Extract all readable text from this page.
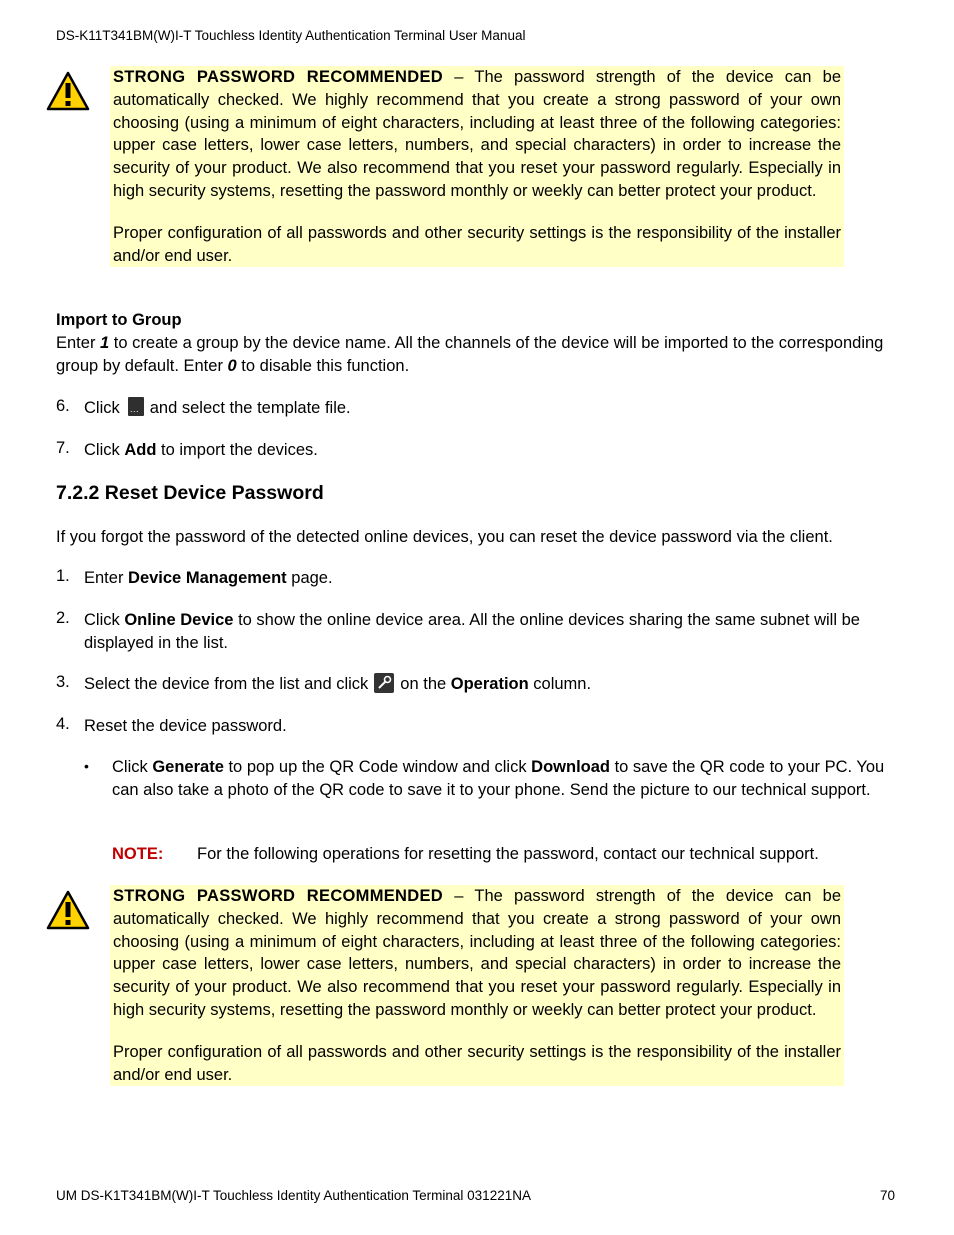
DS-K11T341BM(W)I-T Touchless Identity Authentication Terminal User Manual

STRONG PASSWORD RECOMMENDED – The password strength of the device can be automatically checked. We highly recommend that you create a strong password of your own choosing (using a minimum of eight characters, including at least three of the following categories: upper case letters, lower case letters, numbers, and special characters) in order to increase the security of your product. We also recommend that you reset your password regularly. Especially in high security systems, resetting the password monthly or weekly can better protect your product.

Proper configuration of all passwords and other security settings is the responsibility of the installer and/or end user.

Import to Group
Enter 1 to create a group by the device name. All the channels of the device will be imported to the corresponding group by default. Enter 0 to disable this function.
6. Click··· and select the template file.
7. Click Add to import the devices.
7.2.2 Reset Device Password
If you forgot the password of the detected online devices, you can reset the device password via the client.
1. Enter Device Management page.
2. Click Online Device to show the online device area. All the online devices sharing the same subnet will be displayed in the list.
3. Select the device from the list and click on the Operation column.
4. Reset the device password.
• Click Generate to pop up the QR Code window and click Download to save the QR code to your PC. You can also take a photo of the QR code to save it to your phone. Send the picture to our technical support.
NOTE: For the following operations for resetting the password, contact our technical support.

STRONG PASSWORD RECOMMENDED – The password strength of the device can be automatically checked. We highly recommend that you create a strong password of your own choosing (using a minimum of eight characters, including at least three of the following categories: upper case letters, lower case letters, numbers, and special characters) in order to increase the security of your product. We also recommend that you reset your password regularly. Especially in high security systems, resetting the password monthly or weekly can better protect your product.

Proper configuration of all passwords and other security settings is the responsibility of the installer and/or end user.

UM DS-K1T341BM(W)I-T Touchless Identity Authentication Terminal 031221NA	70
